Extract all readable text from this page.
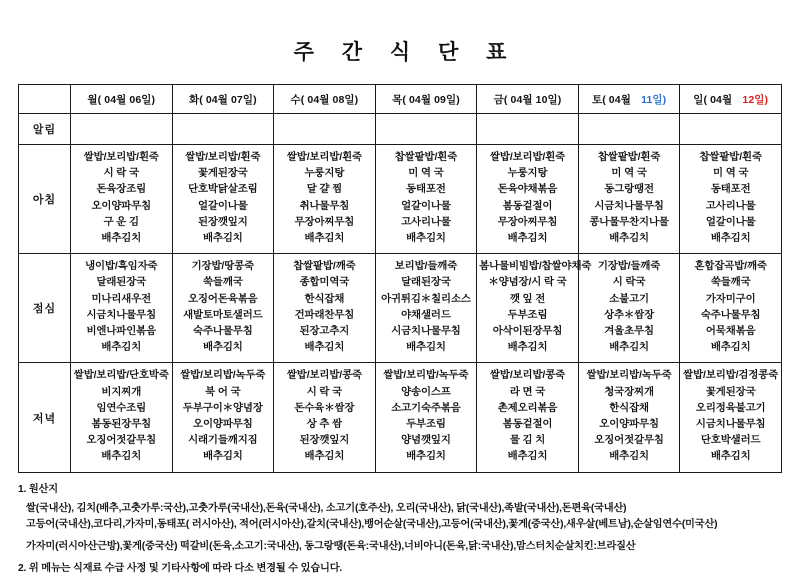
주 간 식 단 표
	월( 04월 06일)	화( 04월 07일)	수( 04월 08일)	목( 04월 09일)	금( 04월 10일)	토( 04월ㅤ11일)	일( 04월ㅤ12일)
알림							
아침	
쌀밥/보리밥/흰죽
시 락 국
돈육장조림
오이양파무침
구 운 김
배추김치

쌀밥/보리밥/흰죽
꽃게된장국
단호박닭살조림
얼갈이나물
된장깻잎지
배추김치

쌀밥/보리밥/흰죽
누룽지탕
달 걀 찜
취나물무침
무장아찌무침
배추김치

찹쌀팥밥/흰죽
미 역 국
동태포전
얼갈이나물
고사리나물
배추김치

쌀밥/보리밥/흰죽
누룽지탕
돈육야채볶음
봄동겉절이
무장아찌무침
배추김치

찹쌀팥밥/흰죽
미 역 국
동그랑땡전
시금치나물무침
콩나물무찬지나물
배추김치

찹쌀팥밥/흰죽
미 역 국
동태포전
고사리나물
얼갈이나물
배추김치

점심	
냉이밥/흑임자죽
달래된장국
미나리새우전
시금치나물무침
비엔나파인볶음
배추김치

기장밥/땅콩죽
쑥들깨국
오징어돈육볶음
새발토마토샐러드
숙주나물무침
배추김치

찹쌀팥밥/깨죽
종합미역국
한식잡채
건파래찬무침
된장고추지
배추김치

보리밥/들깨죽
달래된장국
아귀튀김＊칠리소스
야채샐러드
시금치나물무침
배추김치

봄나물비빔밥/찹쌀야채죽
＊양념장/시 락 국
깻 잎 전
두부조림
아삭이된장무침
배추김치

기장밥/들깨죽
시 락국
소불고기
상추＊쌈장
겨울초무침
배추김치

혼합잡곡밥/깨죽
쑥들깨국
가자미구이
숙주나물무침
어묵채볶음
배추김치

저녁	
쌀밥/보리밥/단호박죽
비지찌개
임연수조림
봄동된장무침
오징어젓갈무침
배추김치

쌀밥/보리밥/녹두죽
북 어 국
두부구이＊양념장
오이양파무침
시래기들깨지짐
배추김치

쌀밥/보리밥/콩죽
시 락 국
돈수육＊쌈장
상 추 쌈
된장깻잎지
배추김치

쌀밥/보리밥/녹두죽
양송이스프
소고기숙주볶음
두부조림
양념깻잎지
배추김치

쌀밥/보리밥/콩죽
라 면 국
촌제오리볶음
봄동겉절이
물 김 치
배추김치

쌀밥/보리밥/녹두죽
청국장찌개
한식잡채
오이양파무침
오징어젓갈무침
배추김치

쌀밥/보리밥/검정콩죽
꽃게된장국
오리정육불고기
시금치나물무침
단호박샐러드
배추김치
1. 원산지
쌀(국내산), 김치(배추,고춧가루:국산),고춧가루(국내산),돈육(국내산), 소고기(호주산), 오리(국내산), 닭(국내산),족발(국내산),돈편육(국내산)
고등어(국내산),코다리,가자미,동태포( 러시아산), 적어(러시아산),갈치(국내산),뱅어순살(국내산),고등어(국내산),꽃게(중국산),새우살(베트남),순살임연수(미국산)
가자미(러시아산근방),꽃게(중국산) 떡갈비(돈육,소고기:국내산), 동그랑땡(돈육:국내산),너비아니(돈육,닭:국내산),맘스터치순살치킨:브라질산
2. 위 메뉴는 식재료 수급 사정 및 기타사항에 따라 다소 변경될 수 있습니다.
